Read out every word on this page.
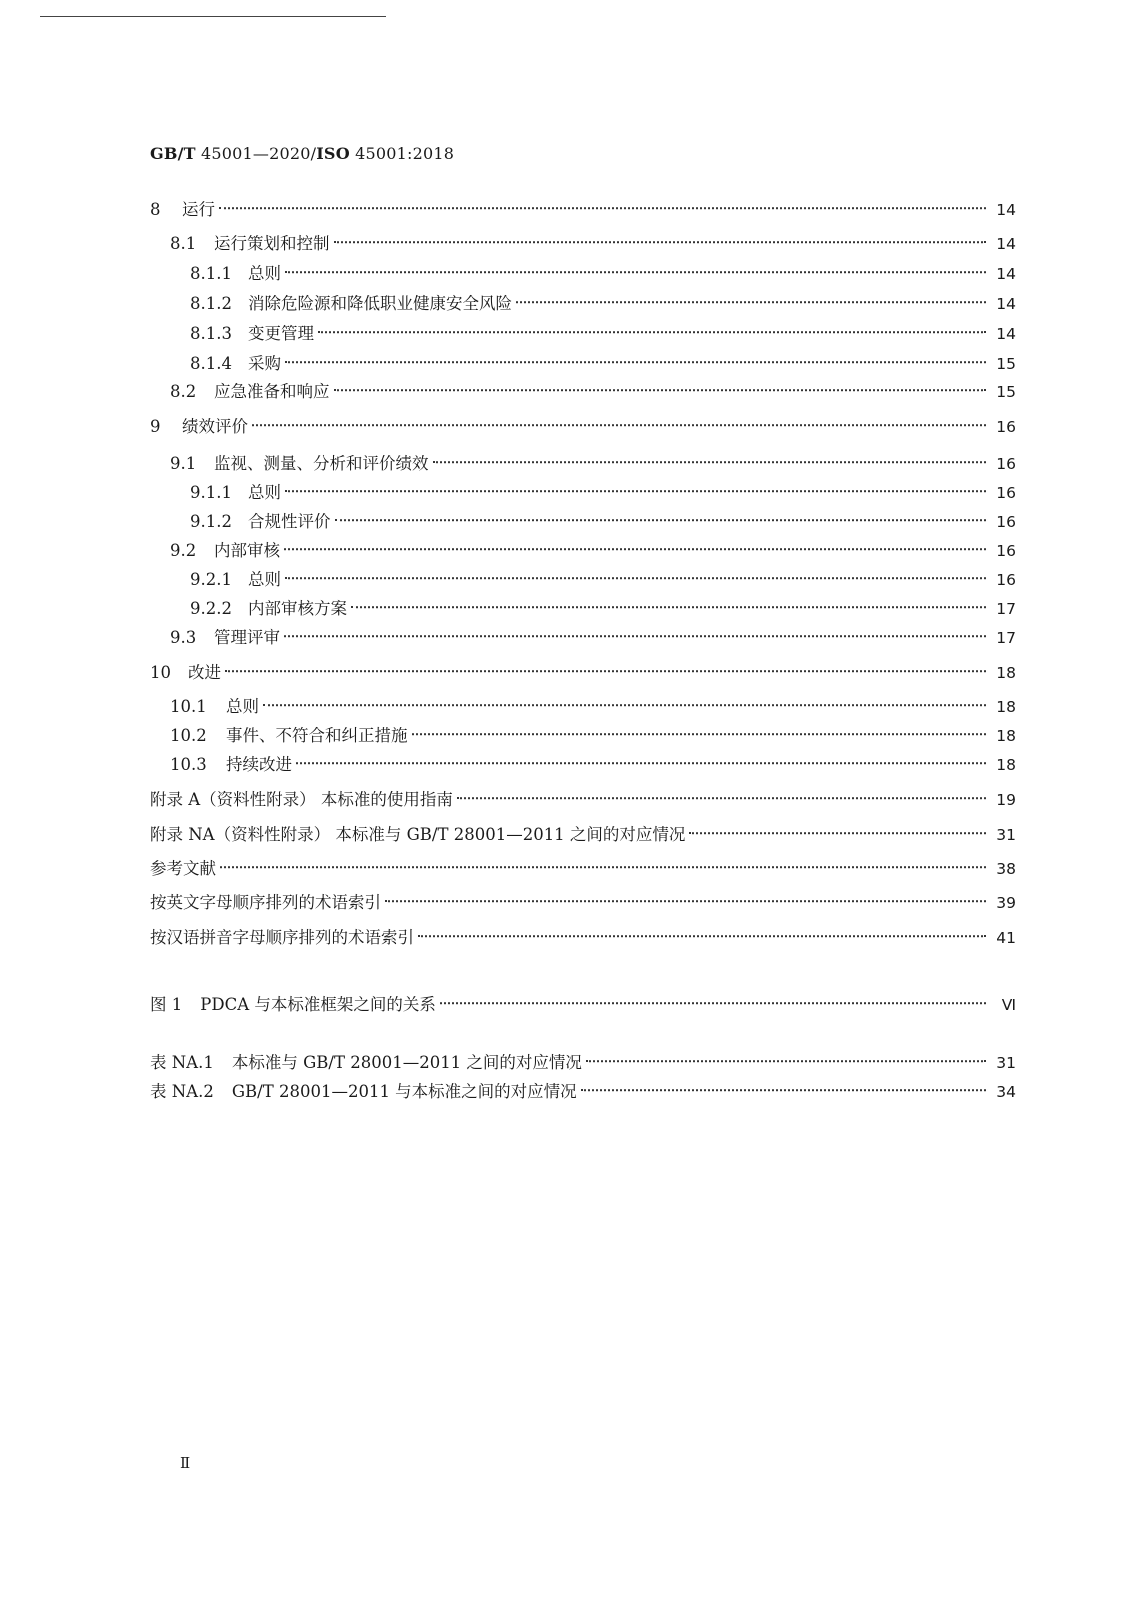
GB/T 45001—2020/ISO 45001:2018
8	运行	14
8.1	运行策划和控制	14
8.1.1 总则	14
8.1.2 消除危险源和降低职业健康安全风险	14
8.1.3 变更管理	14
8.1.4 采购	15
8.2	应急准备和响应	15
9	绩效评价	16
9.1	监视、测量、分析和评价绩效	16
9.1.1 总则	16
9.1.2 合规性评价	16
9.2	内部审核	16
9.2.1 总则	16
9.2.2 内部审核方案	17
9.3	管理评审	17
10	改进	18
10.1	总则	18
10.2	事件、不符合和纠正措施	18
10.3	持续改进	18
附录 A（资料性附录） 本标准的使用指南	19
附录 NA（资料性附录） 本标准与 GB/T 28001—2011 之间的对应情况	31
参考文献	38
按英文字母顺序排列的术语索引	39
按汉语拼音字母顺序排列的术语索引	41
图 1	PDCA 与本标准框架之间的关系	Ⅵ
表 NA.1	本标准与 GB/T 28001—2011 之间的对应情况	31
表 NA.2	GB/T 28001—2011 与本标准之间的对应情况	34
Ⅱ
